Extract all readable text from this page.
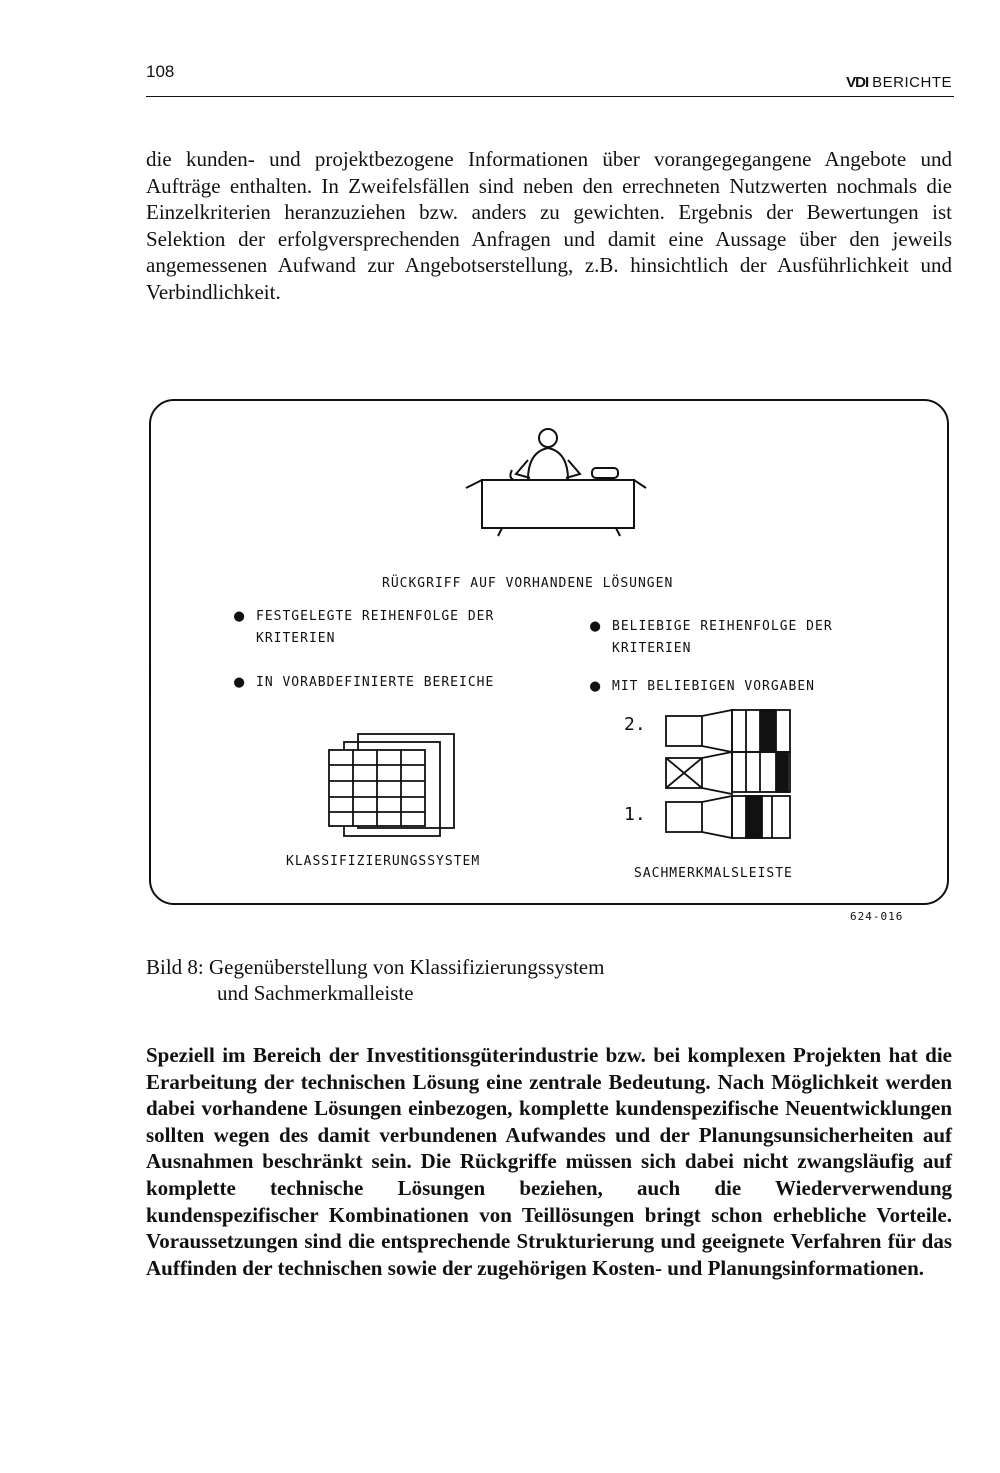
108
VDI BERICHTE

die kunden- und projektbezogene Informationen über vorangegegangene Angebote und Aufträge enthalten. In Zweifelsfällen sind neben den errechneten Nutzwerten nochmals die Einzelkriterien heranzuziehen bzw. anders zu gewichten. Ergebnis der Bewertungen ist Selektion der erfolgversprechenden Anfragen und damit eine Aussage über den jeweils angemessenen Aufwand zur Angebotserstellung, z.B. hinsichtlich der Ausführlichkeit und Verbindlichkeit.

RÜCKGRIFF AUF VORHANDENE LÖSUNGEN
● FESTGELEGTE REIHENFOLGE DER KRITERIEN
● IN VORABDEFINIERTE BEREICHE
● BELIEBIGE REIHENFOLGE DER KRITERIEN
● MIT BELIEBIGEN VORGABEN
2.
1.
KLASSIFIZIERUNGSSYSTEM
SACHMERKMALSLEISTE
624-016
Bild 8: Gegenüberstellung von Klassifizierungssystem
und Sachmerkmalleiste

Speziell im Bereich der Investitionsgüterindustrie bzw. bei komplexen Projekten hat die Erarbeitung der technischen Lösung eine zentrale Bedeutung. Nach Möglichkeit werden dabei vorhandene Lösungen einbezogen, komplette kundenspezifische Neuentwicklungen sollten wegen des damit verbundenen Aufwandes und der Planungsunsicherheiten auf Ausnahmen beschränkt sein. Die Rückgriffe müssen sich dabei nicht zwangsläufig auf komplette technische Lösungen beziehen, auch die Wiederverwendung kundenspezifischer Kombinationen von Teillösungen bringt schon erhebliche Vorteile. Voraussetzungen sind die entsprechende Strukturierung und geeignete Verfahren für das Auffinden der technischen sowie der zugehörigen Kosten- und Planungsinformationen.
